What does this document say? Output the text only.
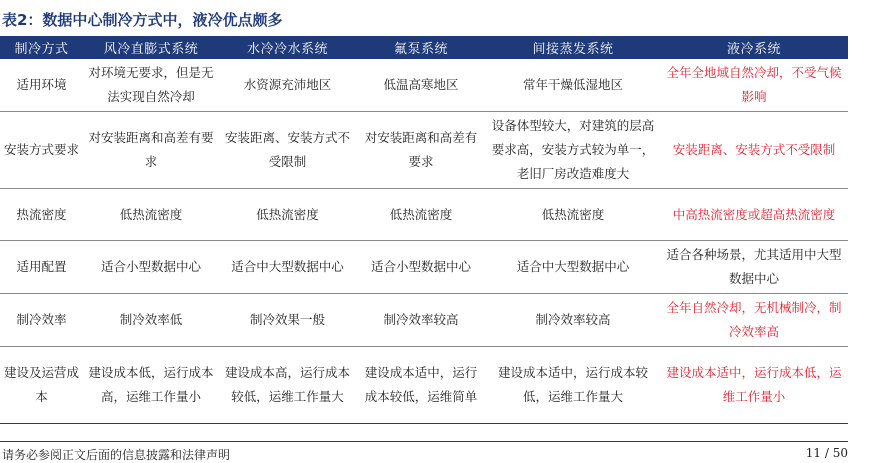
表2：数据中心制冷方式中，液冷优点颇多
制冷方式	风冷直膨式系统	水冷冷水系统	氟泵系统	间接蒸发系统	液冷系统
适用环境	对环境无要求，但是无法实现自然冷却	水资源充沛地区	低温高寒地区	常年干燥低湿地区	全年全地域自然冷却，不受气候影响
安装方式要求	对安装距离和高差有要求	安装距离、安装方式不受限制	对安装距离和高差有要求	设备体型较大，对建筑的层高要求高，安装方式较为单一，老旧厂房改造难度大	安装距离、安装方式不受限制
热流密度	低热流密度	低热流密度	低热流密度	低热流密度	中高热流密度或超高热流密度
适用配置	适合小型数据中心	适合中大型数据中心	适合小型数据中心	适合中大型数据中心	适合各种场景，尤其适用中大型数据中心
制冷效率	制冷效率低	制冷效果一般	制冷效率较高	制冷效率较高	全年自然冷却，无机械制冷，制冷效率高
建设及运营成本	建设成本低，运行成本高，运维工作量小	建设成本高，运行成本较低，运维工作量大	建设成本适中，运行成本较低，运维简单	建设成本适中，运行成本较低，运维工作量大	建设成本适中，运行成本低，运维工作量小
请务必参阅正文后面的信息披露和法律声明	11 / 50
